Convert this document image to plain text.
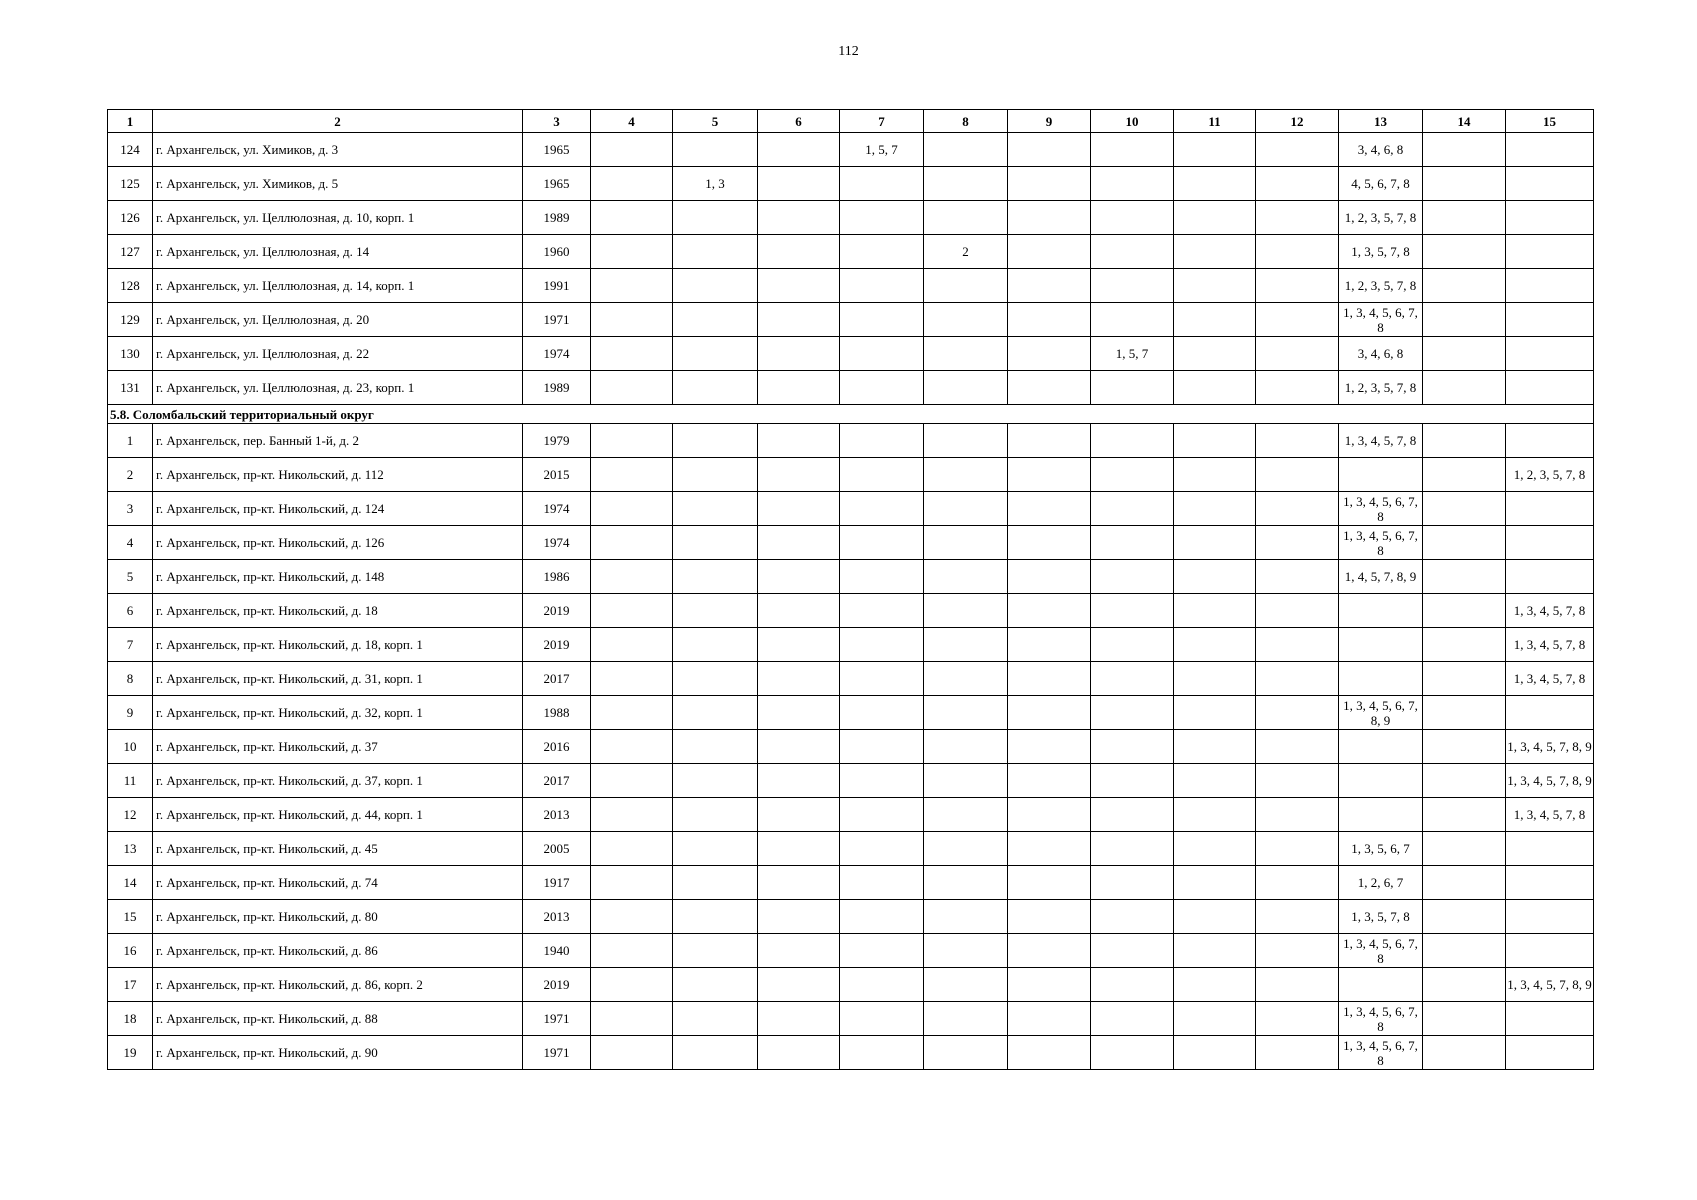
112
1	2	3	4	5	6	7	8	9	10	11	12	13	14	15
124	г. Архангельск, ул. Химиков, д. 3	1965				1, 5, 7						3, 4, 6, 8		
125	г. Архангельск, ул. Химиков, д. 5	1965		1, 3								4, 5, 6, 7, 8		
126	г. Архангельск, ул. Целлюлозная, д. 10, корп. 1	1989										1, 2, 3, 5, 7, 8		
127	г. Архангельск, ул. Целлюлозная, д. 14	1960					2					1, 3, 5, 7, 8		
128	г. Архангельск, ул. Целлюлозная, д. 14, корп. 1	1991										1, 2, 3, 5, 7, 8		
129	г. Архангельск, ул. Целлюлозная, д. 20	1971										1, 3, 4, 5, 6, 7, 8		
130	г. Архангельск, ул. Целлюлозная, д. 22	1974							1, 5, 7			3, 4, 6, 8		
131	г. Архангельск, ул. Целлюлозная, д. 23, корп. 1	1989										1, 2, 3, 5, 7, 8		
5.8. Соломбальский территориальный округ														
1	г. Архангельск, пер. Банный 1-й, д. 2	1979										1, 3, 4, 5, 7, 8		
2	г. Архангельск, пр-кт. Никольский, д. 112	2015												1, 2, 3, 5, 7, 8
3	г. Архангельск, пр-кт. Никольский, д. 124	1974										1, 3, 4, 5, 6, 7, 8		
4	г. Архангельск, пр-кт. Никольский, д. 126	1974										1, 3, 4, 5, 6, 7, 8		
5	г. Архангельск, пр-кт. Никольский, д. 148	1986										1, 4, 5, 7, 8, 9		
6	г. Архангельск, пр-кт. Никольский, д. 18	2019												1, 3, 4, 5, 7, 8
7	г. Архангельск, пр-кт. Никольский, д. 18, корп. 1	2019												1, 3, 4, 5, 7, 8
8	г. Архангельск, пр-кт. Никольский, д. 31, корп. 1	2017												1, 3, 4, 5, 7, 8
9	г. Архангельск, пр-кт. Никольский, д. 32, корп. 1	1988										1, 3, 4, 5, 6, 7, 8, 9		
10	г. Архангельск, пр-кт. Никольский, д. 37	2016												1, 3, 4, 5, 7, 8, 9
11	г. Архангельск, пр-кт. Никольский, д. 37, корп. 1	2017												1, 3, 4, 5, 7, 8, 9
12	г. Архангельск, пр-кт. Никольский, д. 44, корп. 1	2013												1, 3, 4, 5, 7, 8
13	г. Архангельск, пр-кт. Никольский, д. 45	2005										1, 3, 5, 6, 7		
14	г. Архангельск, пр-кт. Никольский, д. 74	1917										1, 2, 6, 7		
15	г. Архангельск, пр-кт. Никольский, д. 80	2013										1, 3, 5, 7, 8		
16	г. Архангельск, пр-кт. Никольский, д. 86	1940										1, 3, 4, 5, 6, 7, 8		
17	г. Архангельск, пр-кт. Никольский, д. 86, корп. 2	2019												1, 3, 4, 5, 7, 8, 9
18	г. Архангельск, пр-кт. Никольский, д. 88	1971										1, 3, 4, 5, 6, 7, 8		
19	г. Архангельск, пр-кт. Никольский, д. 90	1971										1, 3, 4, 5, 6, 7, 8		
